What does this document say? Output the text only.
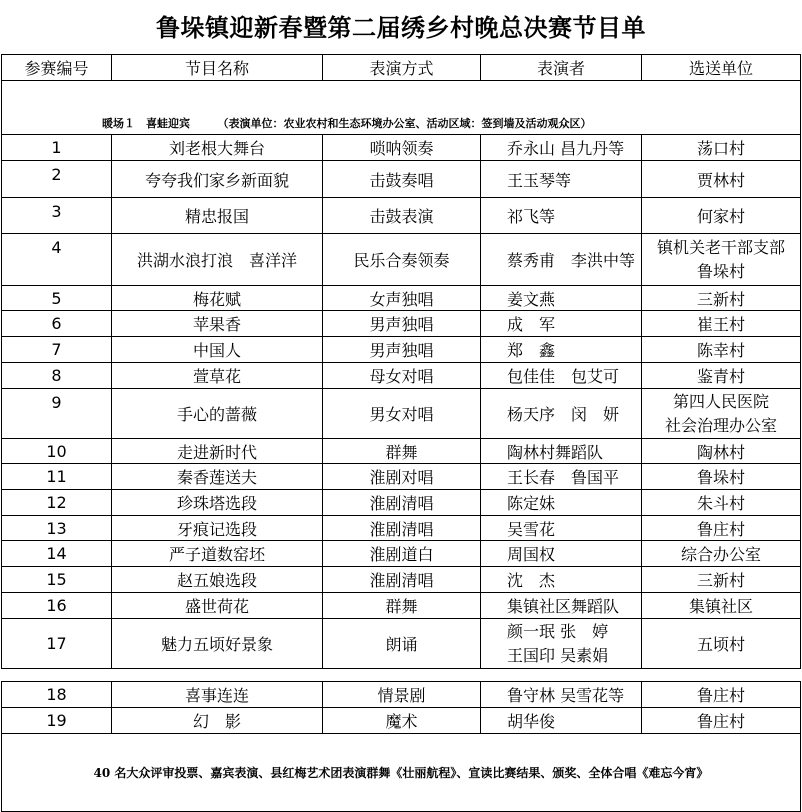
鲁垛镇迎新春暨第二届绣乡村晚总决赛节目单
参赛编号	节目名称	表演方式	表演者	选送单位
暖场１　喜蛙迎宾　　　（表演单位：农业农村和生态环境办公室、活动区域：签到墙及活动观众区）				
1	刘老根大舞台	唢呐领奏	乔永山 昌九丹等	荡口村
2	夸夸我们家乡新面貌	击鼓奏唱	王玉琴等	贾林村
3	精忠报国	击鼓表演	祁飞等	何家村
4	洪湖水浪打浪　喜洋洋	民乐合奏领奏	蔡秀甫　李洪中等	镇机关老干部支部
鲁垛村

5	梅花赋	女声独唱	姜文燕	三新村
6	苹果香	男声独唱	成　军	崔王村
7	中国人	男声独唱	郑　鑫	陈幸村
8	萱草花	母女对唱	包佳佳　包艾可	鉴青村
9	手心的蔷薇	男女对唱	杨天序　闵　妍	第四人民医院
社会治理办公室

10	走进新时代	群舞	陶林村舞蹈队	陶林村
11	秦香莲送夫	淮剧对唱	王长春　鲁国平	鲁垛村
12	珍珠塔选段	淮剧清唱	陈定妹	朱斗村
13	牙痕记选段	淮剧清唱	吴雪花	鲁庄村
14	严子道数窑坯	淮剧道白	周国权	综合办公室
15	赵五娘选段	淮剧清唱	沈　杰	三新村
16	盛世荷花	群舞	集镇社区舞蹈队	集镇社区
17	魅力五顷好景象	朗诵	颜一珉 张　婷
王国印 吴素娟	五顷村
18	喜事连连	情景剧	鲁守林 吴雪花等	鲁庄村
19	幻　影	魔术	胡华俊	鲁庄村
40 名大众评审投票、嘉宾表演、县红梅艺术团表演群舞《壮丽航程》、宣读比赛结果、颁奖、全体合唱《难忘今宵》				
